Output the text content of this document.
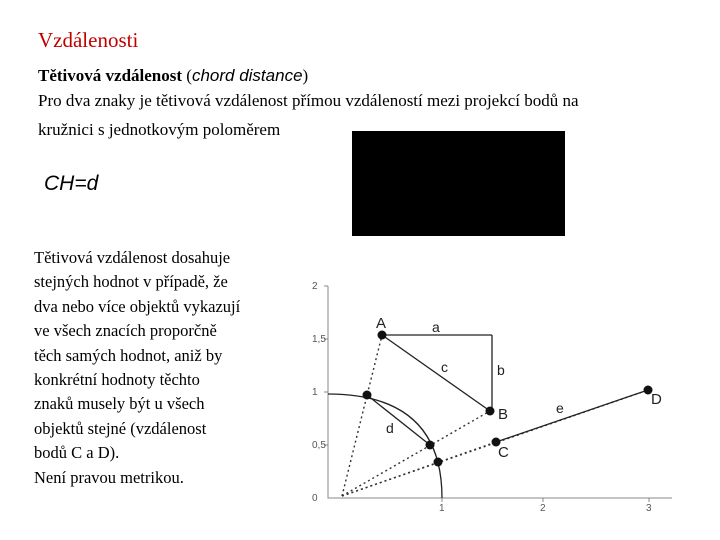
Vzdálenosti
Tětivová vzdálenost (chord distance)
Pro dva znaky je tětivová vzdálenost přímou vzdáleností mezi projekcí bodů na
kružnici s jednotkovým poloměrem
CH=d
Tětivová vzdálenost dosahuje
stejných hodnot v případě, že
dva nebo více objektů vykazují
ve všech znacích proporčně
těch samých hodnot, aniž by
konkrétní hodnoty těchto
znaků musely být u všech
objektů stejné (vzdálenost
bodů C a D).
Není pravou metrikou.
2
1,5
1
0,5
0
1	2	3
A
B
C
D
a
b
c
d
e
